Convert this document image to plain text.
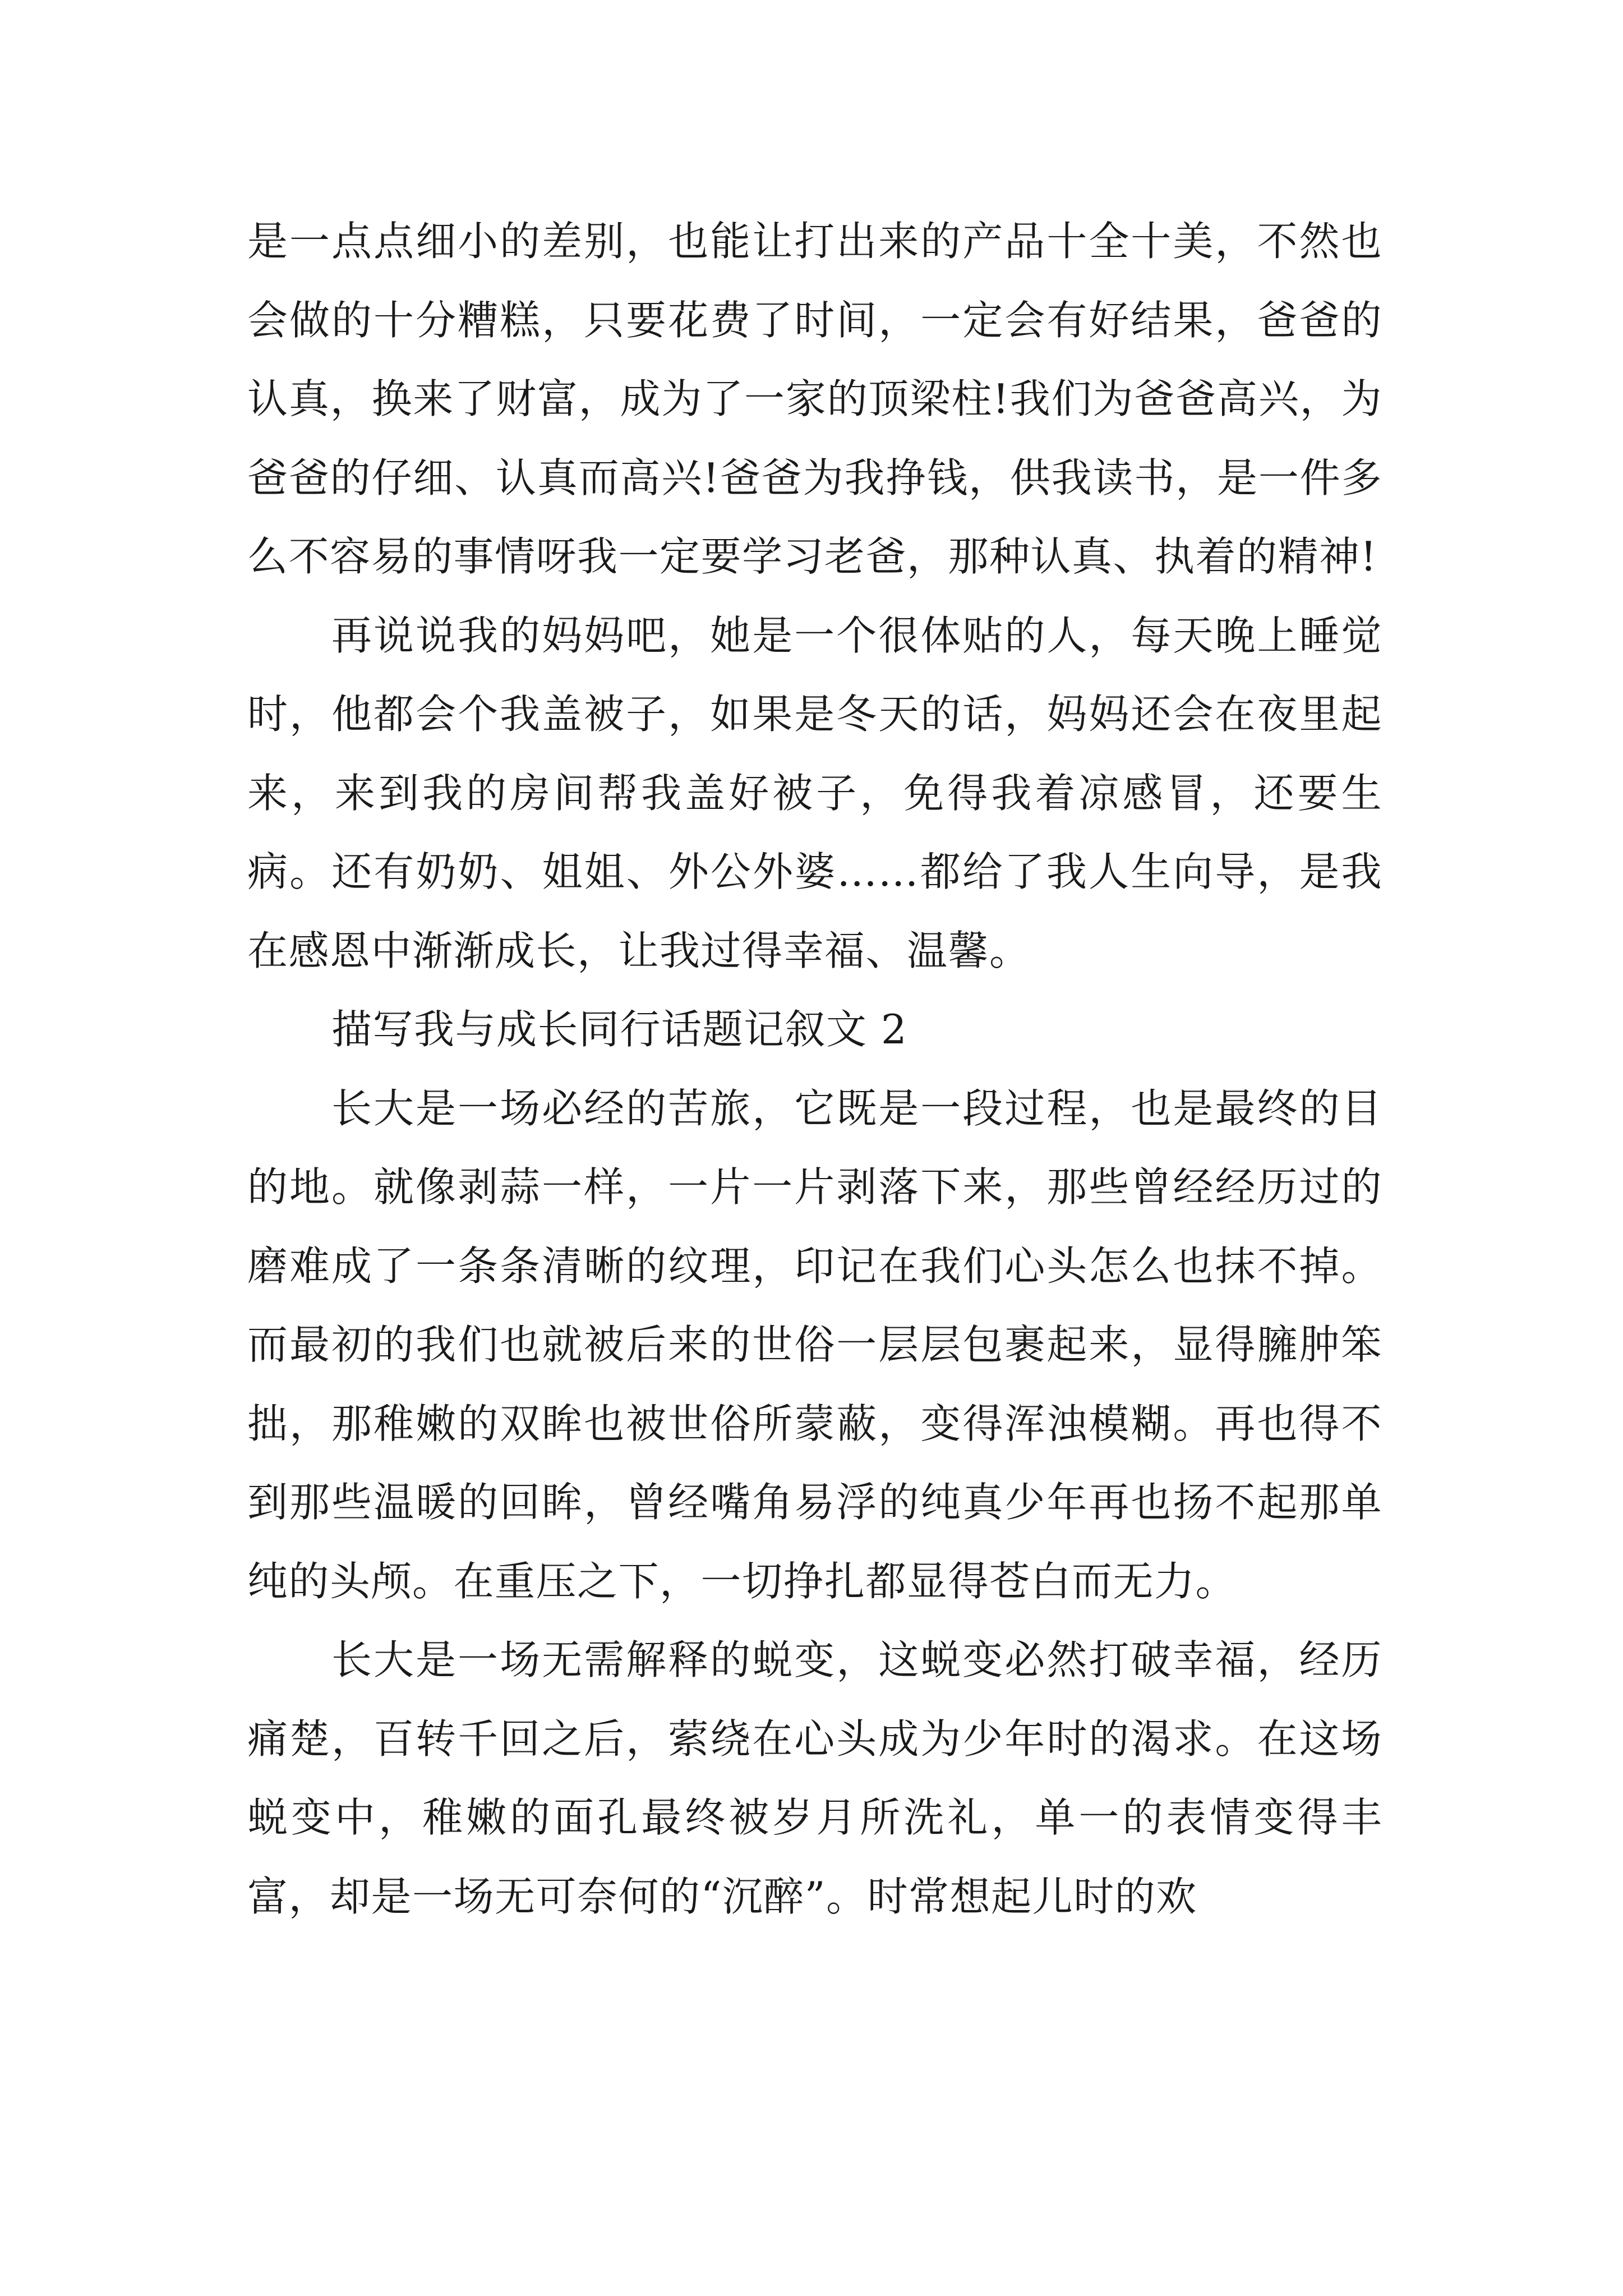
是一点点细小的差别，也能让打出来的产品十全十美，不然也会做的十分糟糕，只要花费了时间，一定会有好结果，爸爸的认真，换来了财富，成为了一家的顶梁柱!我们为爸爸高兴，为爸爸的仔细、认真而高兴!爸爸为我挣钱，供我读书，是一件多么不容易的事情呀我一定要学习老爸，那种认真、执着的精神!

再说说我的妈妈吧，她是一个很体贴的人，每天晚上睡觉时，他都会个我盖被子，如果是冬天的话，妈妈还会在夜里起来，来到我的房间帮我盖好被子，免得我着凉感冒，还要生病。还有奶奶、姐姐、外公外婆……都给了我人生向导，是我在感恩中渐渐成长，让我过得幸福、温馨。

描写我与成长同行话题记叙文 2

长大是一场必经的苦旅，它既是一段过程，也是最终的目的地。就像剥蒜一样，一片一片剥落下来，那些曾经经历过的磨难成了一条条清晰的纹理，印记在我们心头怎么也抹不掉。而最初的我们也就被后来的世俗一层层包裹起来，显得臃肿笨拙，那稚嫩的双眸也被世俗所蒙蔽，变得浑浊模糊。再也得不到那些温暖的回眸，曾经嘴角易浮的纯真少年再也扬不起那单纯的头颅。在重压之下，一切挣扎都显得苍白而无力。

长大是一场无需解释的蜕变，这蜕变必然打破幸福，经历痛楚，百转千回之后，萦绕在心头成为少年时的渴求。在这场蜕变中，稚嫩的面孔最终被岁月所洗礼，单一的表情变得丰富，却是一场无可奈何的“沉醉”。时常想起儿时的欢
